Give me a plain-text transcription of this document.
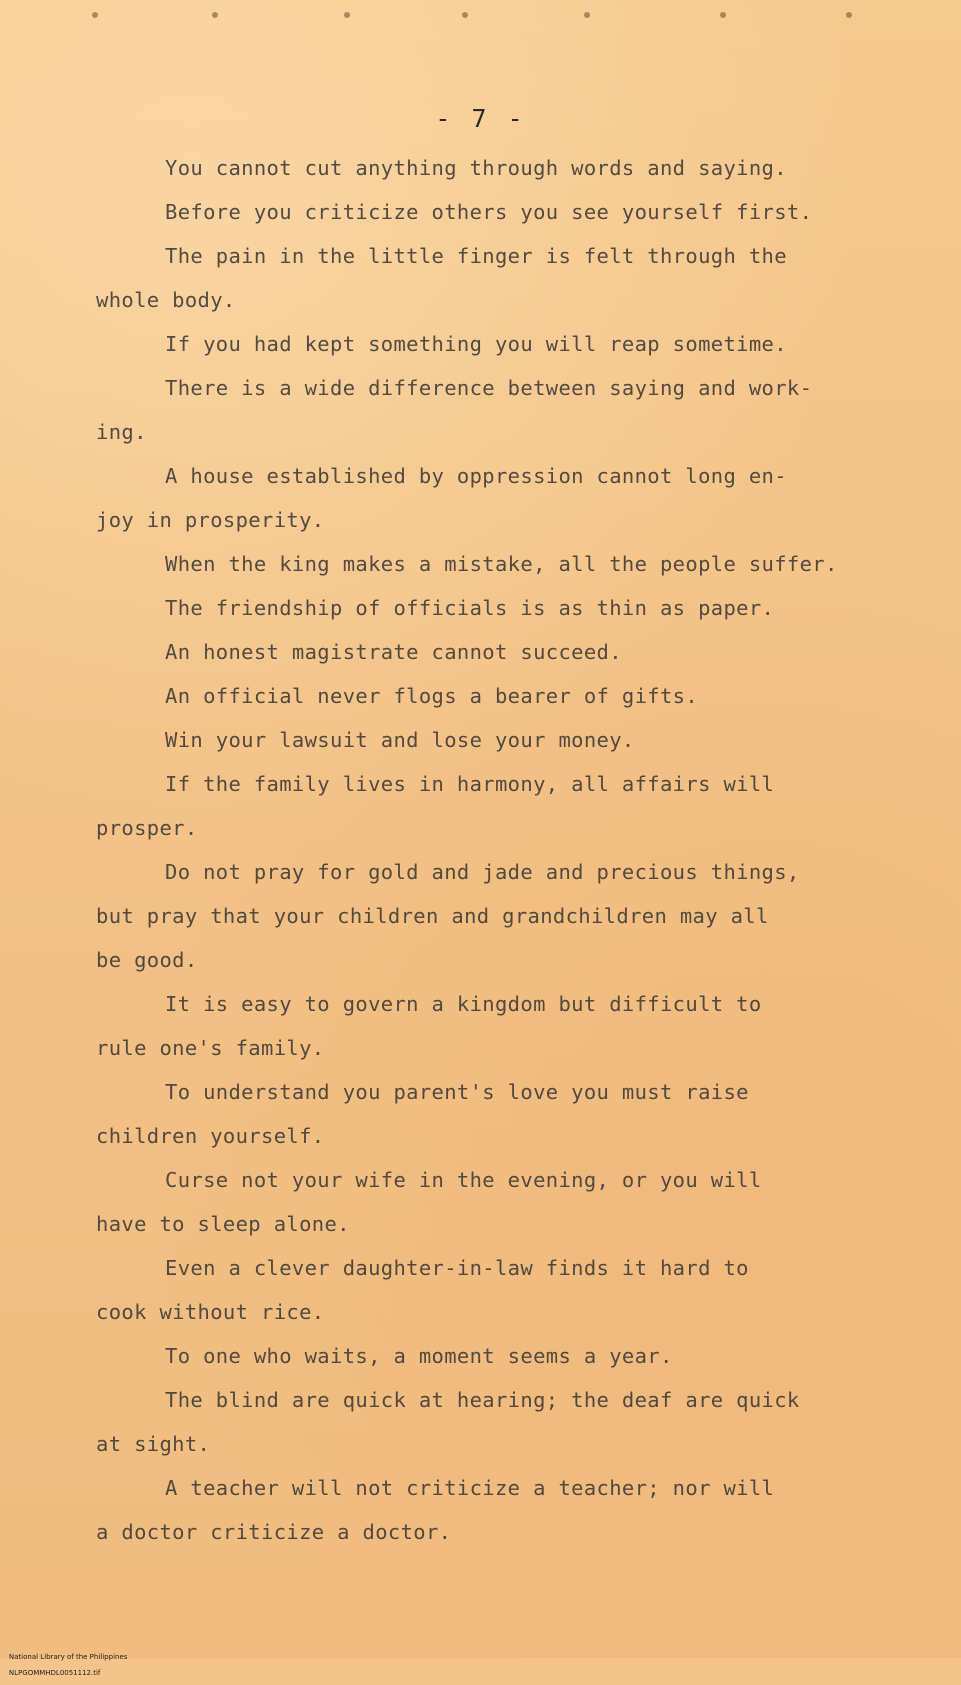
- 7 -
You cannot cut anything through words and saying.
Before you criticize others you see yourself first.
The pain in the little finger is felt through the
whole body.
If you had kept something you will reap sometime.
There is a wide difference between saying and work-
ing.
A house established by oppression cannot long en-
joy in prosperity.
When the king makes a mistake, all the people suffer.
The friendship of officials is as thin as paper.
An honest magistrate cannot succeed.
An official never flogs a bearer of gifts.
Win your lawsuit and lose your money.
If the family lives in harmony, all affairs will
prosper.
Do not pray for gold and jade and precious things,
but pray that your children and grandchildren may all
be good.
It is easy to govern a kingdom but difficult to
rule one's family.
To understand you parent's love you must raise
children yourself.
Curse not your wife in the evening, or you will
have to sleep alone.
Even a clever daughter-in-law finds it hard to
cook without rice.
To one who waits, a moment seems a year.
The blind are quick at hearing; the deaf are quick
at sight.
A teacher will not criticize a teacher; nor will
a doctor criticize a doctor.

National Library of the Philippines

NLPGOMMHDL0051112.tif
